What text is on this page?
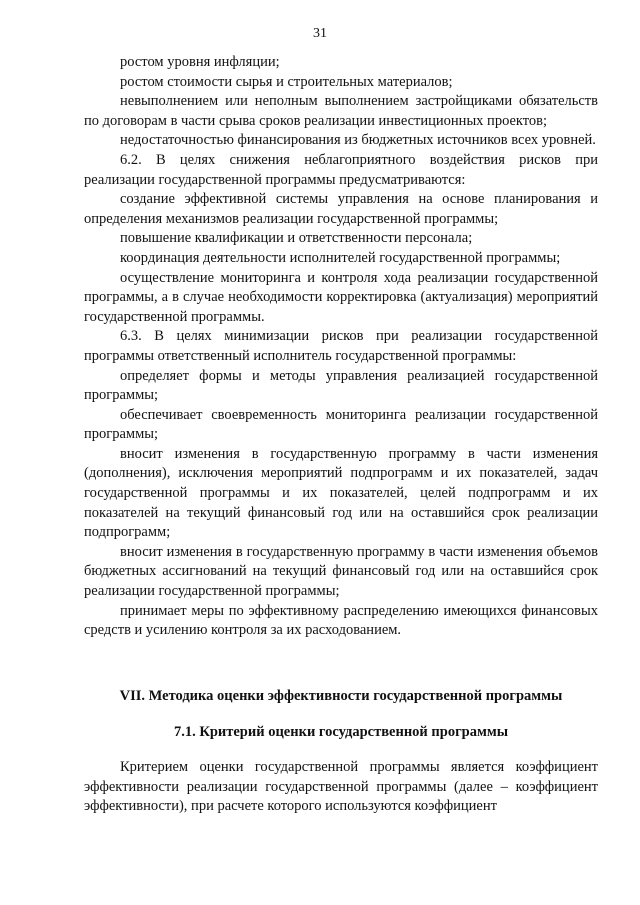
31

ростом уровня инфляции;

ростом стоимости сырья и строительных материалов;

невыполнением или неполным выполнением застройщиками обязательств по договорам в части срыва сроков реализации инвестиционных проектов;

недостаточностью финансирования из бюджетных источников всех уровней.

6.2. В целях снижения неблагоприятного воздействия рисков при реализации государственной программы предусматриваются:

создание эффективной системы управления на основе планирования и определения механизмов реализации государственной программы;

повышение квалификации и ответственности персонала;

координация деятельности исполнителей государственной программы;

осуществление мониторинга и контроля хода реализации государственной программы, а в случае необходимости корректировка (актуализация) мероприятий государственной программы.

6.3. В целях минимизации рисков при реализации государственной программы ответственный исполнитель государственной программы:

определяет формы и методы управления реализацией государственной программы;

обеспечивает своевременность мониторинга реализации государственной программы;

вносит изменения в государственную программу в части изменения (дополнения), исключения мероприятий подпрограмм и их показателей, задач государственной программы и их показателей, целей подпрограмм и их показателей на текущий финансовый год или на оставшийся срок реализации подпрограмм;

вносит изменения в государственную программу в части изменения объемов бюджетных ассигнований на текущий финансовый год или на оставшийся срок реализации государственной программы;

принимает меры по эффективному распределению имеющихся финансовых средств и усилению контроля за их расходованием.

VII. Методика оценки эффективности государственной программы
7.1. Критерий оценки государственной программы

Критерием оценки государственной программы является коэффициент эффективности реализации государственной программы (далее – коэффициент эффективности), при расчете которого используются коэффициент
